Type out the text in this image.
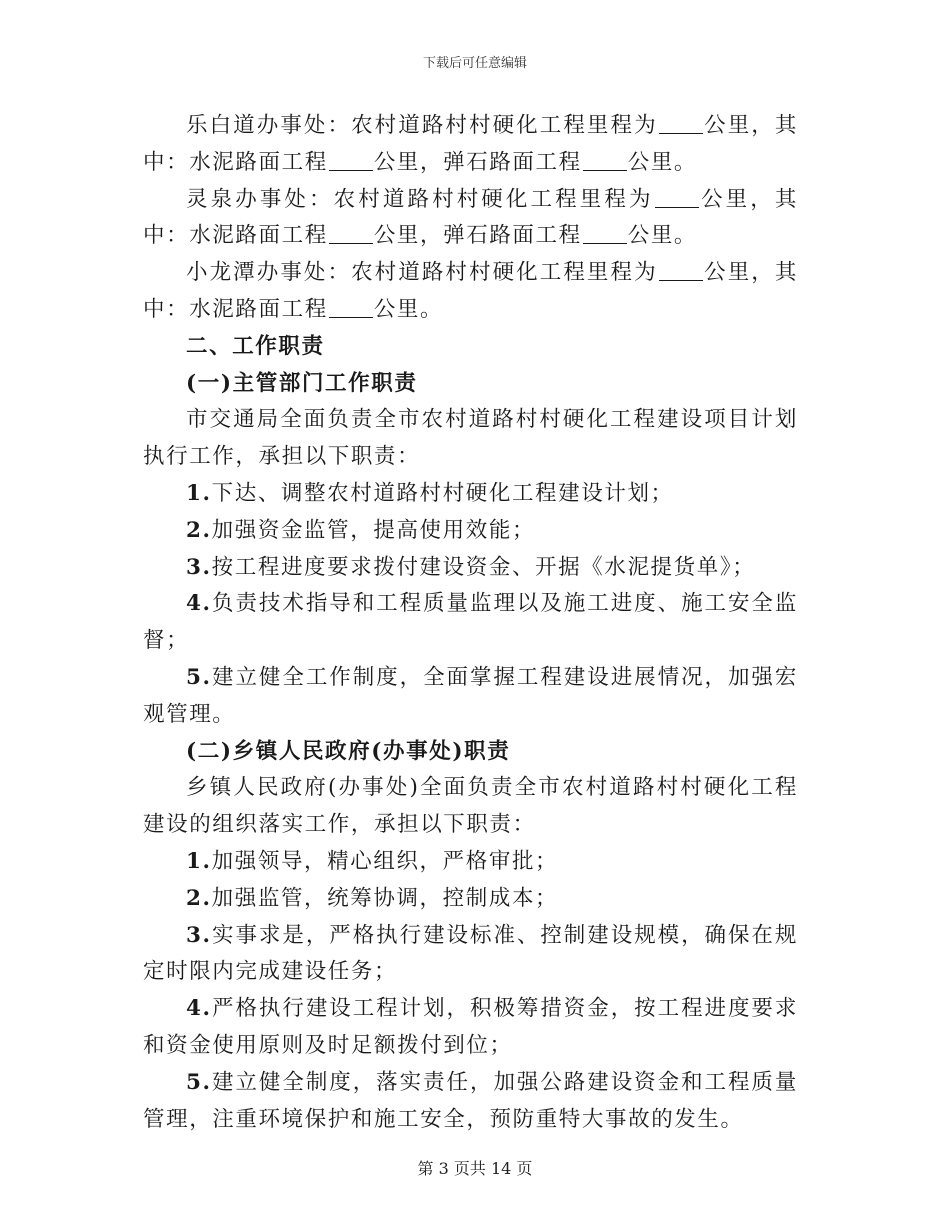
下载后可任意编辑

乐白道办事处：农村道路村村硬化工程里程为 公里，其中：水泥路面工程 公里，弹石路面工程 公里。

灵泉办事处：农村道路村村硬化工程里程为 公里，其中：水泥路面工程 公里，弹石路面工程 公里。

小龙潭办事处：农村道路村村硬化工程里程为 公里，其中：水泥路面工程 公里。

二、工作职责

(一)主管部门工作职责

市交通局全面负责全市农村道路村村硬化工程建设项目计划执行工作，承担以下职责：

1.下达、调整农村道路村村硬化工程建设计划；

2.加强资金监管，提高使用效能；

3.按工程进度要求拨付建设资金、开据《水泥提货单》；

4.负责技术指导和工程质量监理以及施工进度、施工安全监督；

5.建立健全工作制度，全面掌握工程建设进展情况，加强宏观管理。

(二)乡镇人民政府(办事处)职责

乡镇人民政府(办事处)全面负责全市农村道路村村硬化工程建设的组织落实工作，承担以下职责：

1.加强领导，精心组织，严格审批；

2.加强监管，统筹协调，控制成本；

3.实事求是，严格执行建设标准、控制建设规模，确保在规定时限内完成建设任务；

4.严格执行建设工程计划，积极筹措资金，按工程进度要求和资金使用原则及时足额拨付到位；

5.建立健全制度，落实责任，加强公路建设资金和工程质量管理，注重环境保护和施工安全，预防重特大事故的发生。

第 3 页共 14 页
